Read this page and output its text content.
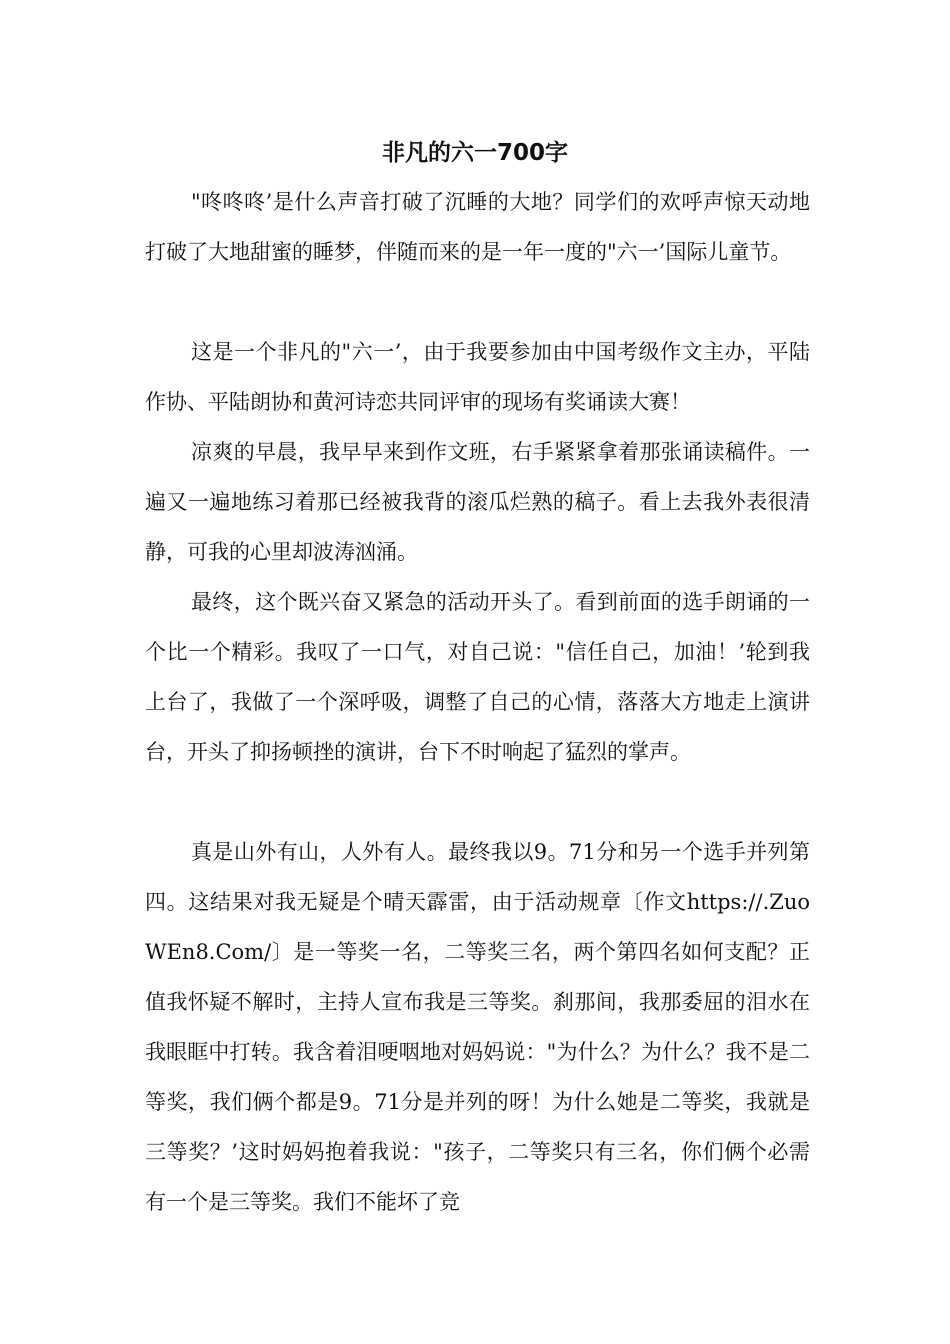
非凡的六一700字

"咚咚咚’是什么声音打破了沉睡的大地？同学们的欢呼声惊天动地打破了大地甜蜜的睡梦，伴随而来的是一年一度的"六一’国际儿童节。

这是一个非凡的"六一’，由于我要参加由中国考级作文主办，平陆作协、平陆朗协和黄河诗恋共同评审的现场有奖诵读大赛！

凉爽的早晨，我早早来到作文班，右手紧紧拿着那张诵读稿件。一遍又一遍地练习着那已经被我背的滚瓜烂熟的稿子。看上去我外表很清静，可我的心里却波涛汹涌。

最终，这个既兴奋又紧急的活动开头了。看到前面的选手朗诵的一个比一个精彩。我叹了一口气，对自己说："信任自己，加油！’轮到我上台了，我做了一个深呼吸，调整了自己的心情，落落大方地走上演讲台，开头了抑扬顿挫的演讲，台下不时响起了猛烈的掌声。

真是山外有山，人外有人。最终我以9。71分和另一个选手并列第四。这结果对我无疑是个晴天霹雷，由于活动规章〔作文https://.ZuoWEn8.Com/〕是一等奖一名，二等奖三名，两个第四名如何支配？正值我怀疑不解时，主持人宣布我是三等奖。刹那间，我那委屈的泪水在我眼眶中打转。我含着泪哽咽地对妈妈说："为什么？为什么？我不是二等奖，我们俩个都是9。71分是并列的呀！为什么她是二等奖，我就是三等奖？’这时妈妈抱着我说："孩子，二等奖只有三名，你们俩个必需有一个是三等奖。我们不能坏了竞
